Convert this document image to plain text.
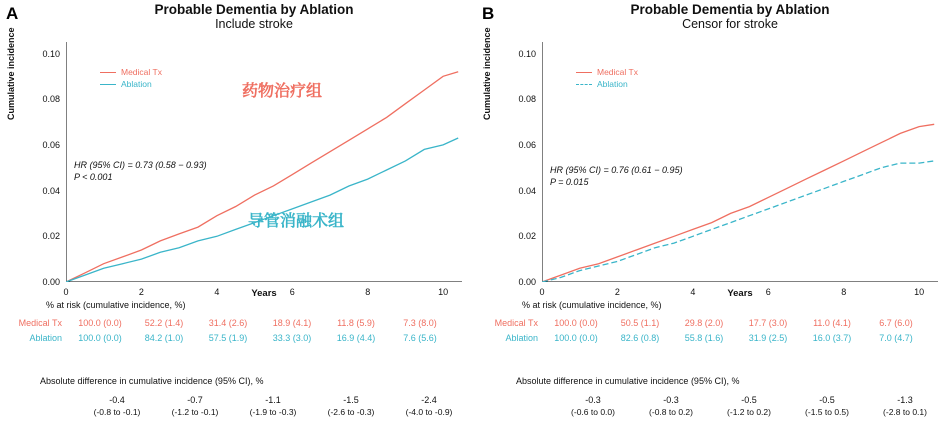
A	Probable Dementia by Ablation
Include stroke
Cumulative incidence
Years
0.00
0.02
0.04
0.06
0.08
0.10
0	2	4	6	8	10
Medical Tx
Ablation
HR (95% CI) = 0.73 (0.58 − 0.93)
P < 0.001
药物治疗组
导管消融术组
% at risk (cumulative incidence, %)
Medical Tx	100.0 (0.0)	52.2 (1.4)	31.4 (2.6)	18.9 (4.1)	11.8 (5.9)	7.3 (8.0)
Ablation	100.0 (0.0)	84.2 (1.0)	57.5 (1.9)	33.3 (3.0)	16.9 (4.4)	7.6 (5.6)
Absolute difference in cumulative incidence (95% CI), %
-0.4	-0.7	-1.1	-1.5	-2.4
(-0.8 to -0.1)	(-1.2 to -0.1)	(-1.9 to -0.3)	(-2.6 to -0.3)	(-4.0 to -0.9)
B	Probable Dementia by Ablation
Censor for stroke
Cumulative incidence
Years
0.00
0.02
0.04
0.06
0.08
0.10
0	2	4	6	8	10
Medical Tx
Ablation
HR (95% CI) = 0.76 (0.61 − 0.95)
P = 0.015
% at risk (cumulative incidence, %)
Medical Tx	100.0 (0.0)	50.5 (1.1)	29.8 (2.0)	17.7 (3.0)	11.0 (4.1)	6.7 (6.0)
Ablation	100.0 (0.0)	82.6 (0.8)	55.8 (1.6)	31.9 (2.5)	16.0 (3.7)	7.0 (4.7)
Absolute difference in cumulative incidence (95% CI), %
-0.3	-0.3	-0.5	-0.5	-1.3
(-0.6 to 0.0)	(-0.8 to 0.2)	(-1.2 to 0.2)	(-1.5 to 0.5)	(-2.8 to 0.1)
